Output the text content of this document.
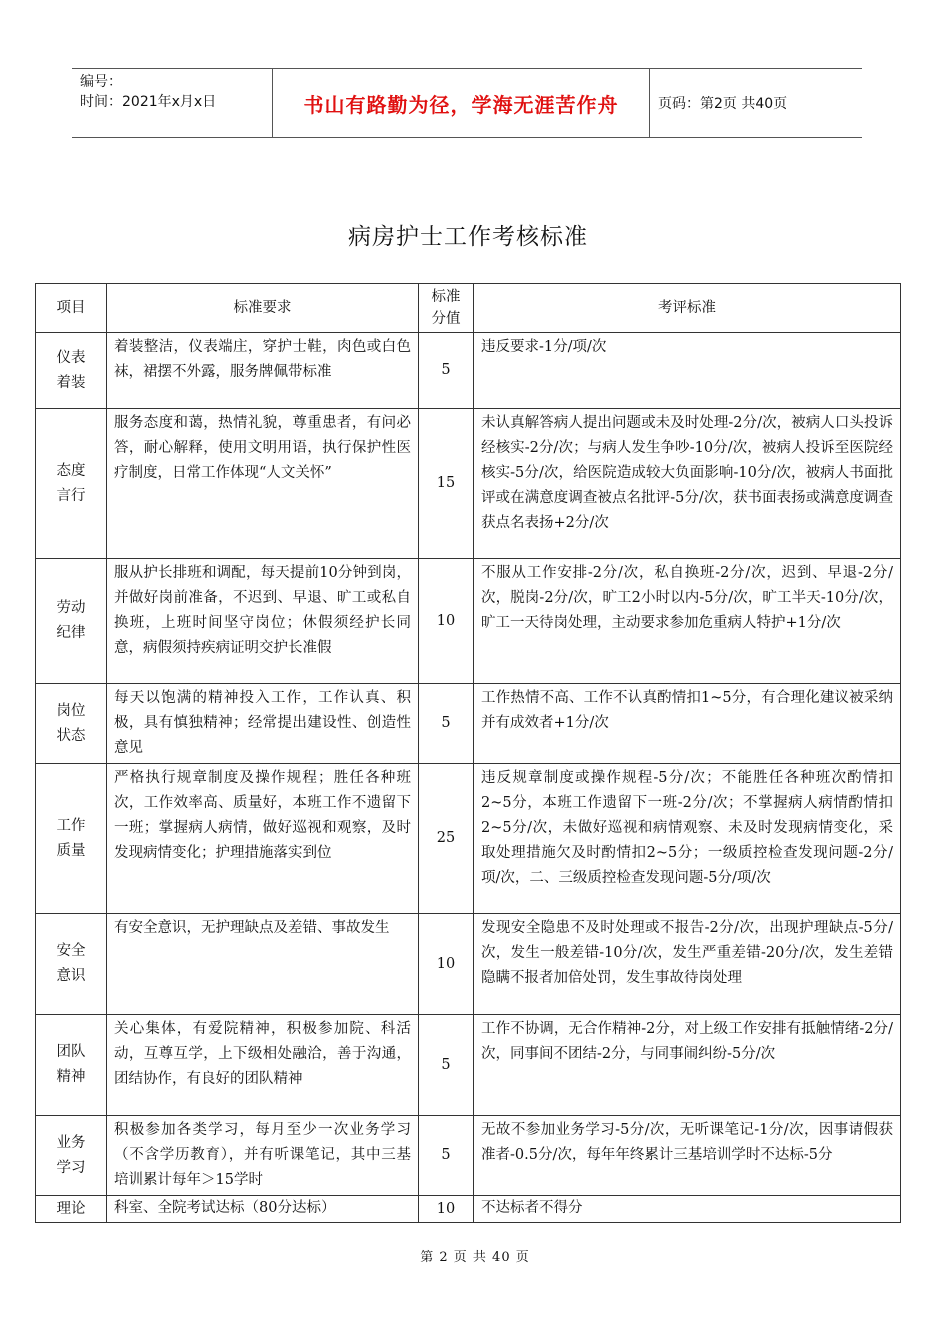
编号：
时间：2021年x月x日	书山有路勤为径，学海无涯苦作舟	页码：第2页 共40页
病房护士工作考核标准
项目	标准要求	标准分值	考评标准
仪表着装	着装整洁，仪表端庄，穿护士鞋，肉色或白色袜，裙摆不外露，服务牌佩带标准	5	违反要求-1分/项/次
态度言行	服务态度和蔼，热情礼貌，尊重患者，有问必答，耐心解释，使用文明用语，执行保护性医疗制度，日常工作体现“人文关怀”	15	未认真解答病人提出问题或未及时处理-2分/次，被病人口头投诉经核实-2分/次；与病人发生争吵-10分/次，被病人投诉至医院经核实-5分/次，给医院造成较大负面影响-10分/次，被病人书面批评或在满意度调查被点名批评-5分/次，获书面表扬或满意度调查获点名表扬+2分/次
劳动纪律	服从护长排班和调配，每天提前10分钟到岗，并做好岗前准备，不迟到、早退、旷工或私自换班，上班时间坚守岗位；休假须经护长同意，病假须持疾病证明交护长准假	10	不服从工作安排-2分/次，私自换班-2分/次，迟到、早退-2分/次，脱岗-2分/次，旷工2小时以内-5分/次，旷工半天-10分/次，旷工一天待岗处理，主动要求参加危重病人特护+1分/次
岗位状态	每天以饱满的精神投入工作，工作认真、积极，具有慎独精神；经常提出建设性、创造性意见	5	工作热情不高、工作不认真酌情扣1~5分，有合理化建议被采纳并有成效者+1分/次
工作质量	严格执行规章制度及操作规程；胜任各种班次，工作效率高、质量好，本班工作不遗留下一班；掌握病人病情，做好巡视和观察，及时发现病情变化；护理措施落实到位	25	违反规章制度或操作规程-5分/次；不能胜任各种班次酌情扣2~5分，本班工作遗留下一班-2分/次；不掌握病人病情酌情扣2~5分/次，未做好巡视和病情观察、未及时发现病情变化，采取处理措施欠及时酌情扣2~5分；一级质控检查发现问题-2分/项/次，二、三级质控检查发现问题-5分/项/次
安全意识	有安全意识，无护理缺点及差错、事故发生	10	发现安全隐患不及时处理或不报告-2分/次，出现护理缺点-5分/次，发生一般差错-10分/次，发生严重差错-20分/次，发生差错隐瞒不报者加倍处罚，发生事故待岗处理
团队精神	关心集体，有爱院精神，积极参加院、科活动，互尊互学，上下级相处融洽，善于沟通，团结协作，有良好的团队精神	5	工作不协调，无合作精神-2分，对上级工作安排有抵触情绪-2分/次，同事间不团结-2分，与同事闹纠纷-5分/次
业务学习	积极参加各类学习，每月至少一次业务学习（不含学历教育），并有听课笔记，其中三基培训累计每年＞15学时	5	无故不参加业务学习-5分/次，无听课笔记-1分/次，因事请假获准者-0.5分/次，每年年终累计三基培训学时不达标-5分
理论	科室、全院考试达标（80分达标）	10	不达标者不得分
第 2 页 共 40 页
